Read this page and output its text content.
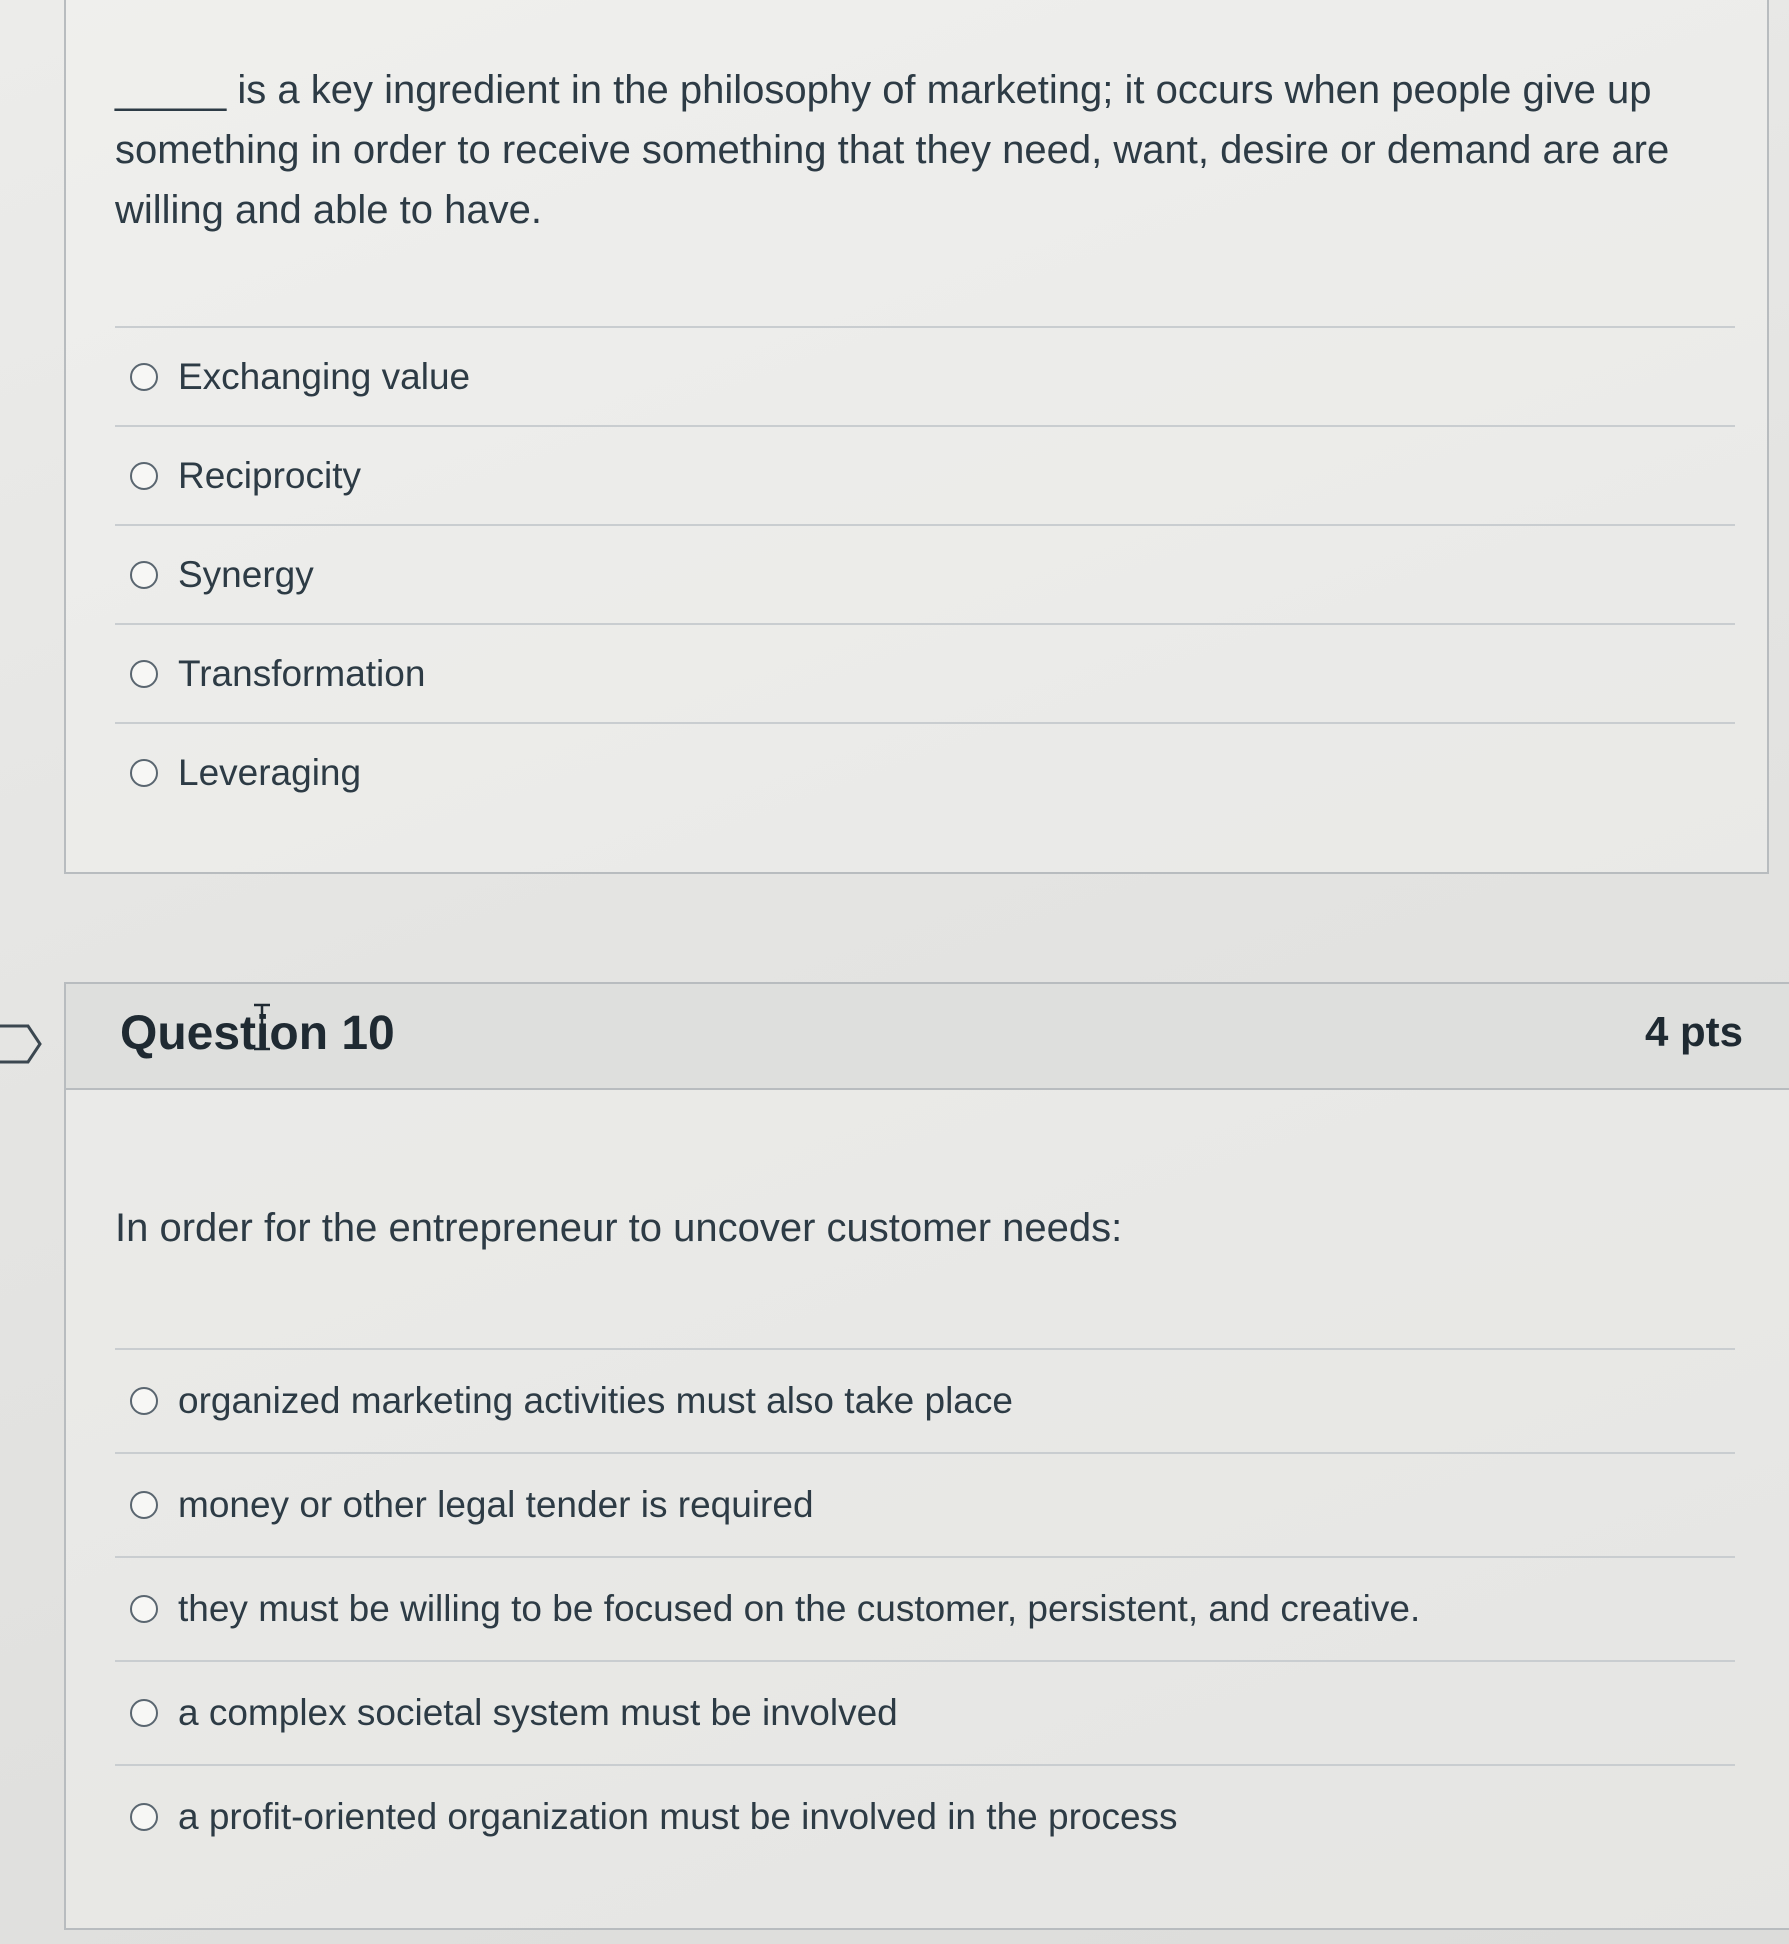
_____ is a key ingredient in the philosophy of marketing; it occurs when people give up something in order to receive something that they need, want, desire or demand are are willing and able to have.

Exchanging value
Reciprocity
Synergy
Transformation
Leveraging
Question 10	4 pts

In order for the entrepreneur to uncover customer needs:

organized marketing activities must also take place
money or other legal tender is required
they must be willing to be focused on the customer, persistent, and creative.
a complex societal system must be involved
a profit-oriented organization must be involved in the process
